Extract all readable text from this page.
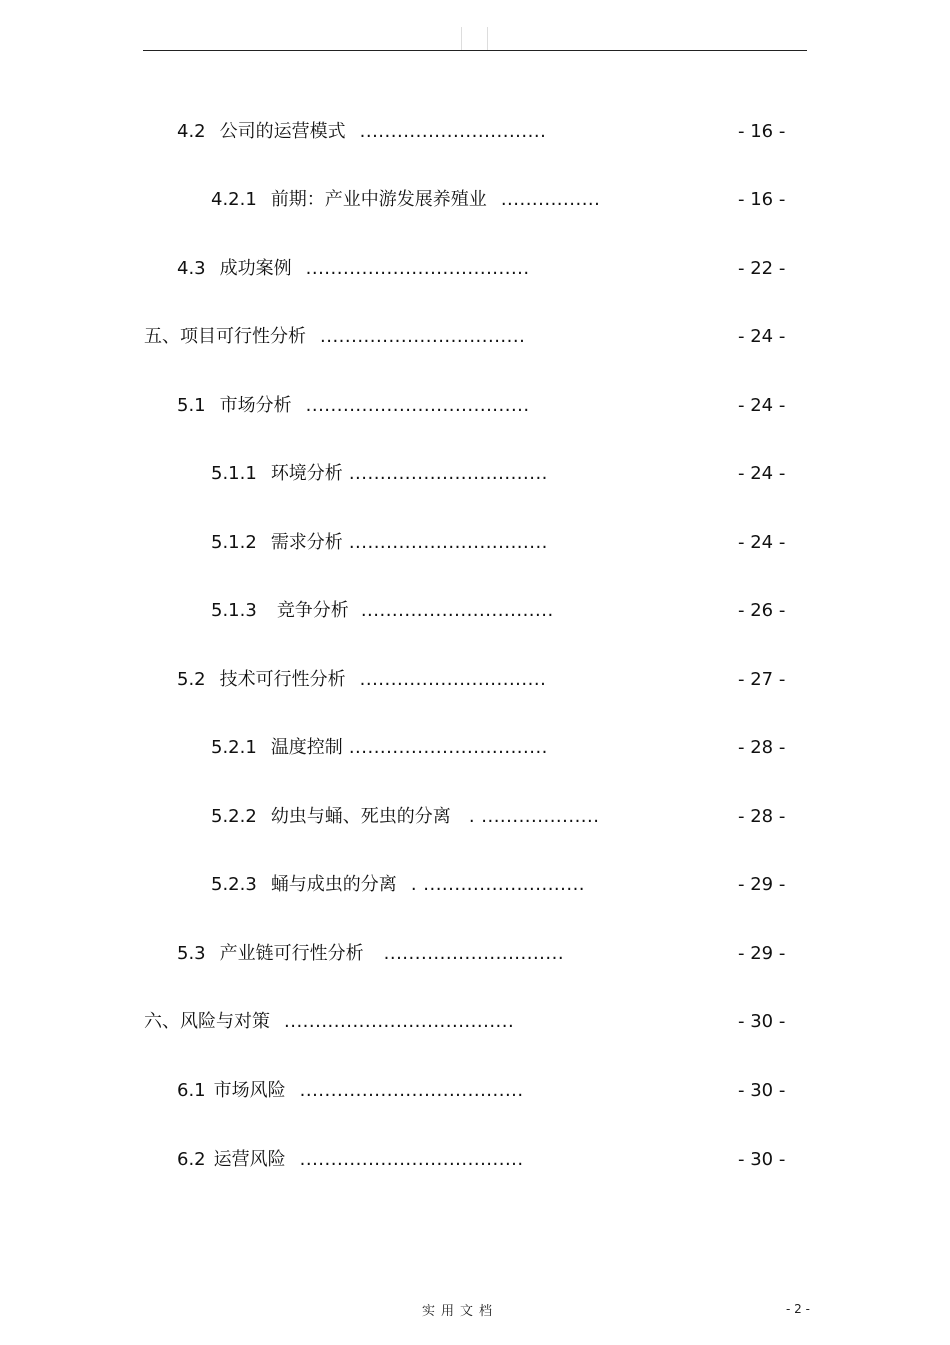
4.2 公司的运营模式 ..............................	- 16 -
4.2.1 前期：产业中游发展养殖业 ................	- 16 -
4.3 成功案例 ....................................	- 22 -
五、项目可行性分析 .................................	- 24 -
5.1 市场分析 ....................................	- 24 -
5.1.1 环境分析 ................................	- 24 -
5.1.2 需求分析 ................................	- 24 -
5.1.3 竞争分析 ...............................	- 26 -
5.2 技术可行性分析 ..............................	- 27 -
5.2.1 温度控制 ................................	- 28 -
5.2.2 幼虫与蛹、死虫的分离 . ...................	- 28 -
5.2.3 蛹与成虫的分离 . ..........................	- 29 -
5.3 产业链可行性分析 .............................	- 29 -
六、风险与对策 .....................................	- 30 -
6.1 市场风险 ....................................	- 30 -
6.2 运营风险 ....................................	- 30 -
实用文档	- 2 -
